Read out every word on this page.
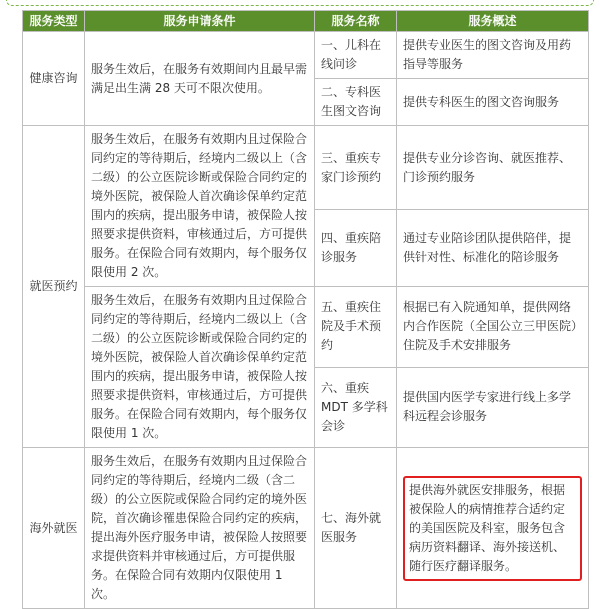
服务类型	服务申请条件	服务名称	服务概述
健康咨询	服务生效后，在服务有效期间内且最早需满足出生满 28 天可不限次使用。	一、儿科在线问诊	提供专业医生的图文咨询及用药指导等服务
		二、专科医生图文咨询	提供专科医生的图文咨询服务
就医预约	服务生效后，在服务有效期内且过保险合同约定的等待期后，经境内二级以上（含二级）的公立医院诊断或保险合同约定的境外医院，被保险人首次确诊保单约定范围内的疾病，提出服务申请，被保险人按照要求提供资料，审核通过后，方可提供服务。在保险合同有效期内，每个服务仅限使用 2 次。	三、重疾专家门诊预约	提供专业分诊咨询、就医推荐、门诊预约服务
		四、重疾陪诊服务	通过专业陪诊团队提供陪伴，提供针对性、标准化的陪诊服务
	服务生效后，在服务有效期内且过保险合同约定的等待期后，经境内二级以上（含二级）的公立医院诊断或保险合同约定的境外医院，被保险人首次确诊保单约定范围内的疾病，提出服务申请，被保险人按照要求提供资料，审核通过后，方可提供服务。在保险合同有效期内，每个服务仅限使用 1 次。	五、重疾住院及手术预约	根据已有入院通知单，提供网络内合作医院（全国公立三甲医院）住院及手术安排服务
		六、重疾 MDT 多学科会诊	提供国内医学专家进行线上多学科远程会诊服务
海外就医	服务生效后，在服务有效期内且过保险合同约定的等待期后，经境内二级（含二级）的公立医院或保险合同约定的境外医院，首次确诊罹患保险合同约定的疾病，提出海外医疗服务申请，被保险人按照要求提供资料并审核通过后，方可提供服务。在保险合同有效期内仅限使用 1 次。	七、海外就医服务	提供海外就医安排服务，根据被保险人的病情推荐合适约定的美国医院及科室，服务包含病历资料翻译、海外接送机、随行医疗翻译服务。
